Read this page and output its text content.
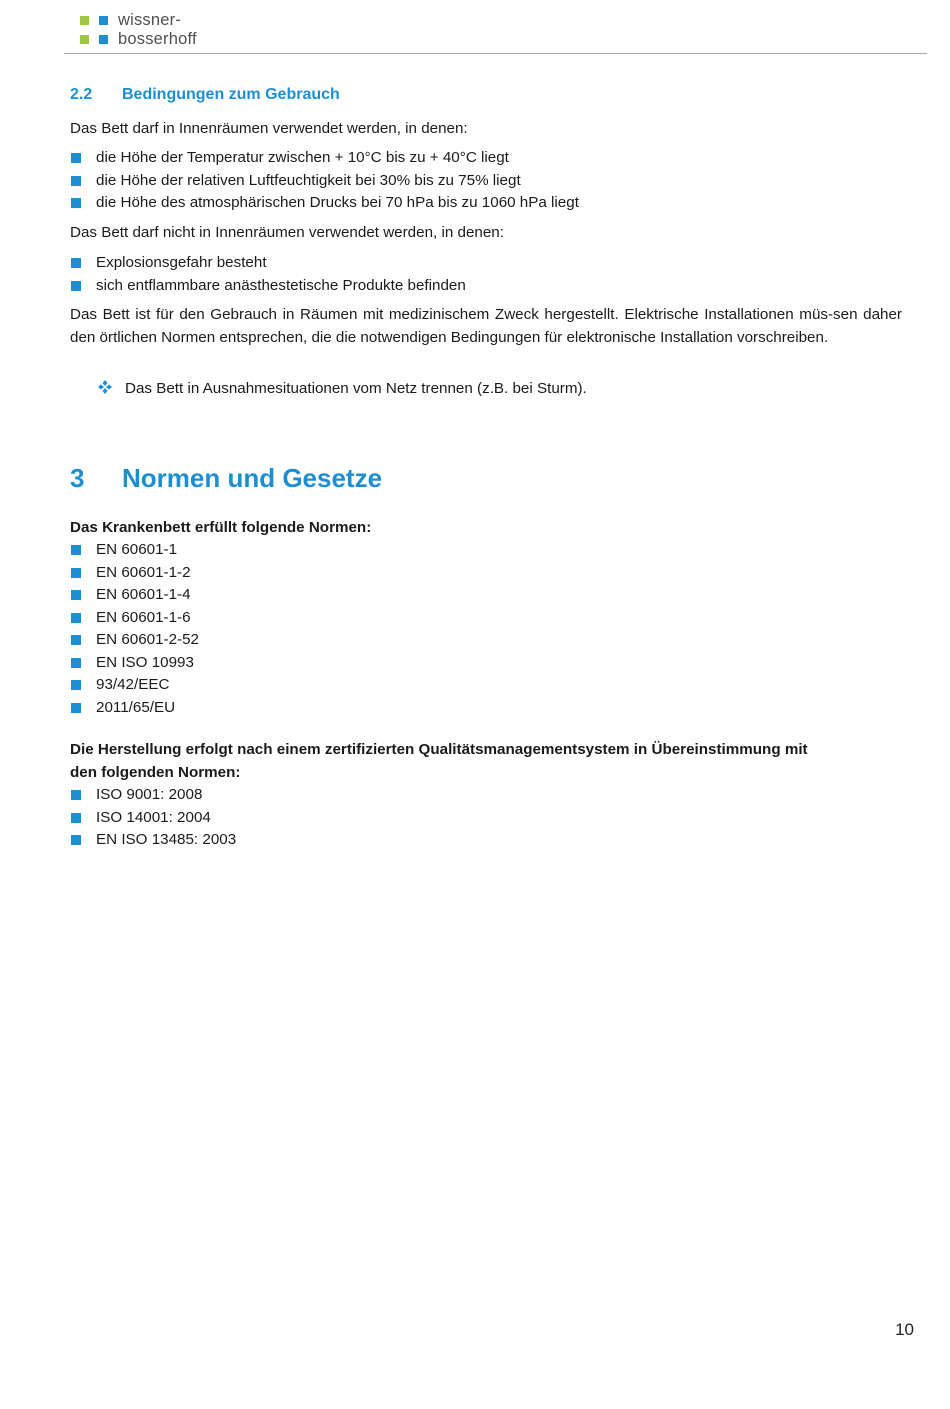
wissner-
bosserhoff
2.2 Bedingungen zum Gebrauch
Das Bett darf in Innenräumen verwendet werden, in denen:
die Höhe der Temperatur zwischen + 10°C bis zu + 40°C liegt
die Höhe der relativen Luftfeuchtigkeit bei 30% bis zu 75% liegt
die Höhe des atmosphärischen Drucks bei 70 hPa bis zu 1060 hPa liegt
Das Bett darf nicht in Innenräumen verwendet werden, in denen:
Explosionsgefahr besteht
sich entflammbare anästhestetische Produkte befinden
Das Bett ist für den Gebrauch in Räumen mit medizinischem Zweck hergestellt. Elektrische Installationen müs-sen daher den örtlichen Normen entsprechen, die die notwendigen Bedingungen für elektronische Installation vorschreiben.
Das Bett in Ausnahmesituationen vom Netz trennen (z.B. bei Sturm).
3 Normen und Gesetze
Das Krankenbett erfüllt folgende Normen:
EN 60601-1
EN 60601-1-2
EN 60601-1-4
EN 60601-1-6
EN 60601-2-52
EN ISO 10993
93/42/EEC
2011/65/EU
Die Herstellung erfolgt nach einem zertifizierten Qualitätsmanagementsystem in Übereinstimmung mit
den folgenden Normen:
ISO 9001: 2008
ISO 14001: 2004
EN ISO 13485: 2003
10
